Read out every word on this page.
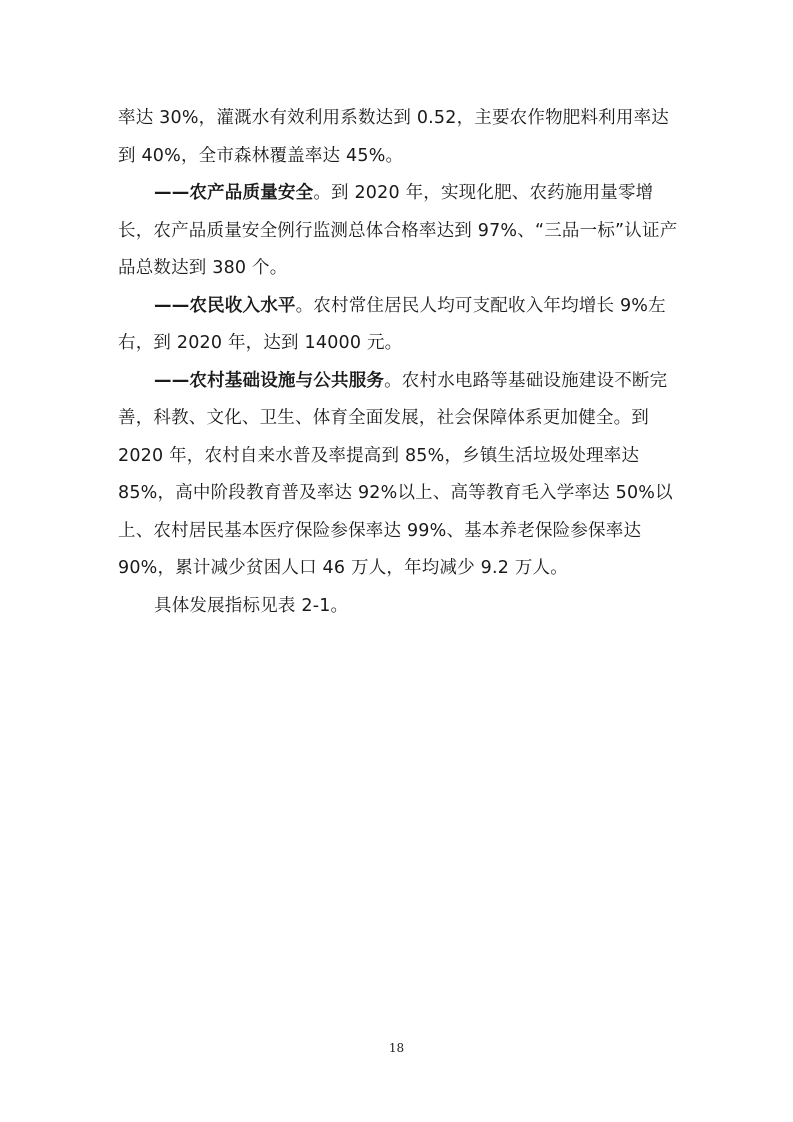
率达 30%，灌溉水有效利用系数达到 0.52，主要农作物肥料利用率达到 40%，全市森林覆盖率达 45%。

——农产品质量安全。到 2020 年，实现化肥、农药施用量零增长，农产品质量安全例行监测总体合格率达到 97%、“三品一标”认证产品总数达到 380 个。

——农民收入水平。农村常住居民人均可支配收入年均增长 9%左右，到 2020 年，达到 14000 元。

——农村基础设施与公共服务。农村水电路等基础设施建设不断完善，科教、文化、卫生、体育全面发展，社会保障体系更加健全。到 2020 年，农村自来水普及率提高到 85%，乡镇生活垃圾处理率达 85%，高中阶段教育普及率达 92%以上、高等教育毛入学率达 50%以上、农村居民基本医疗保险参保率达 99%、基本养老保险参保率达 90%，累计减少贫困人口 46 万人，年均减少 9.2 万人。

具体发展指标见表 2-1。

18
